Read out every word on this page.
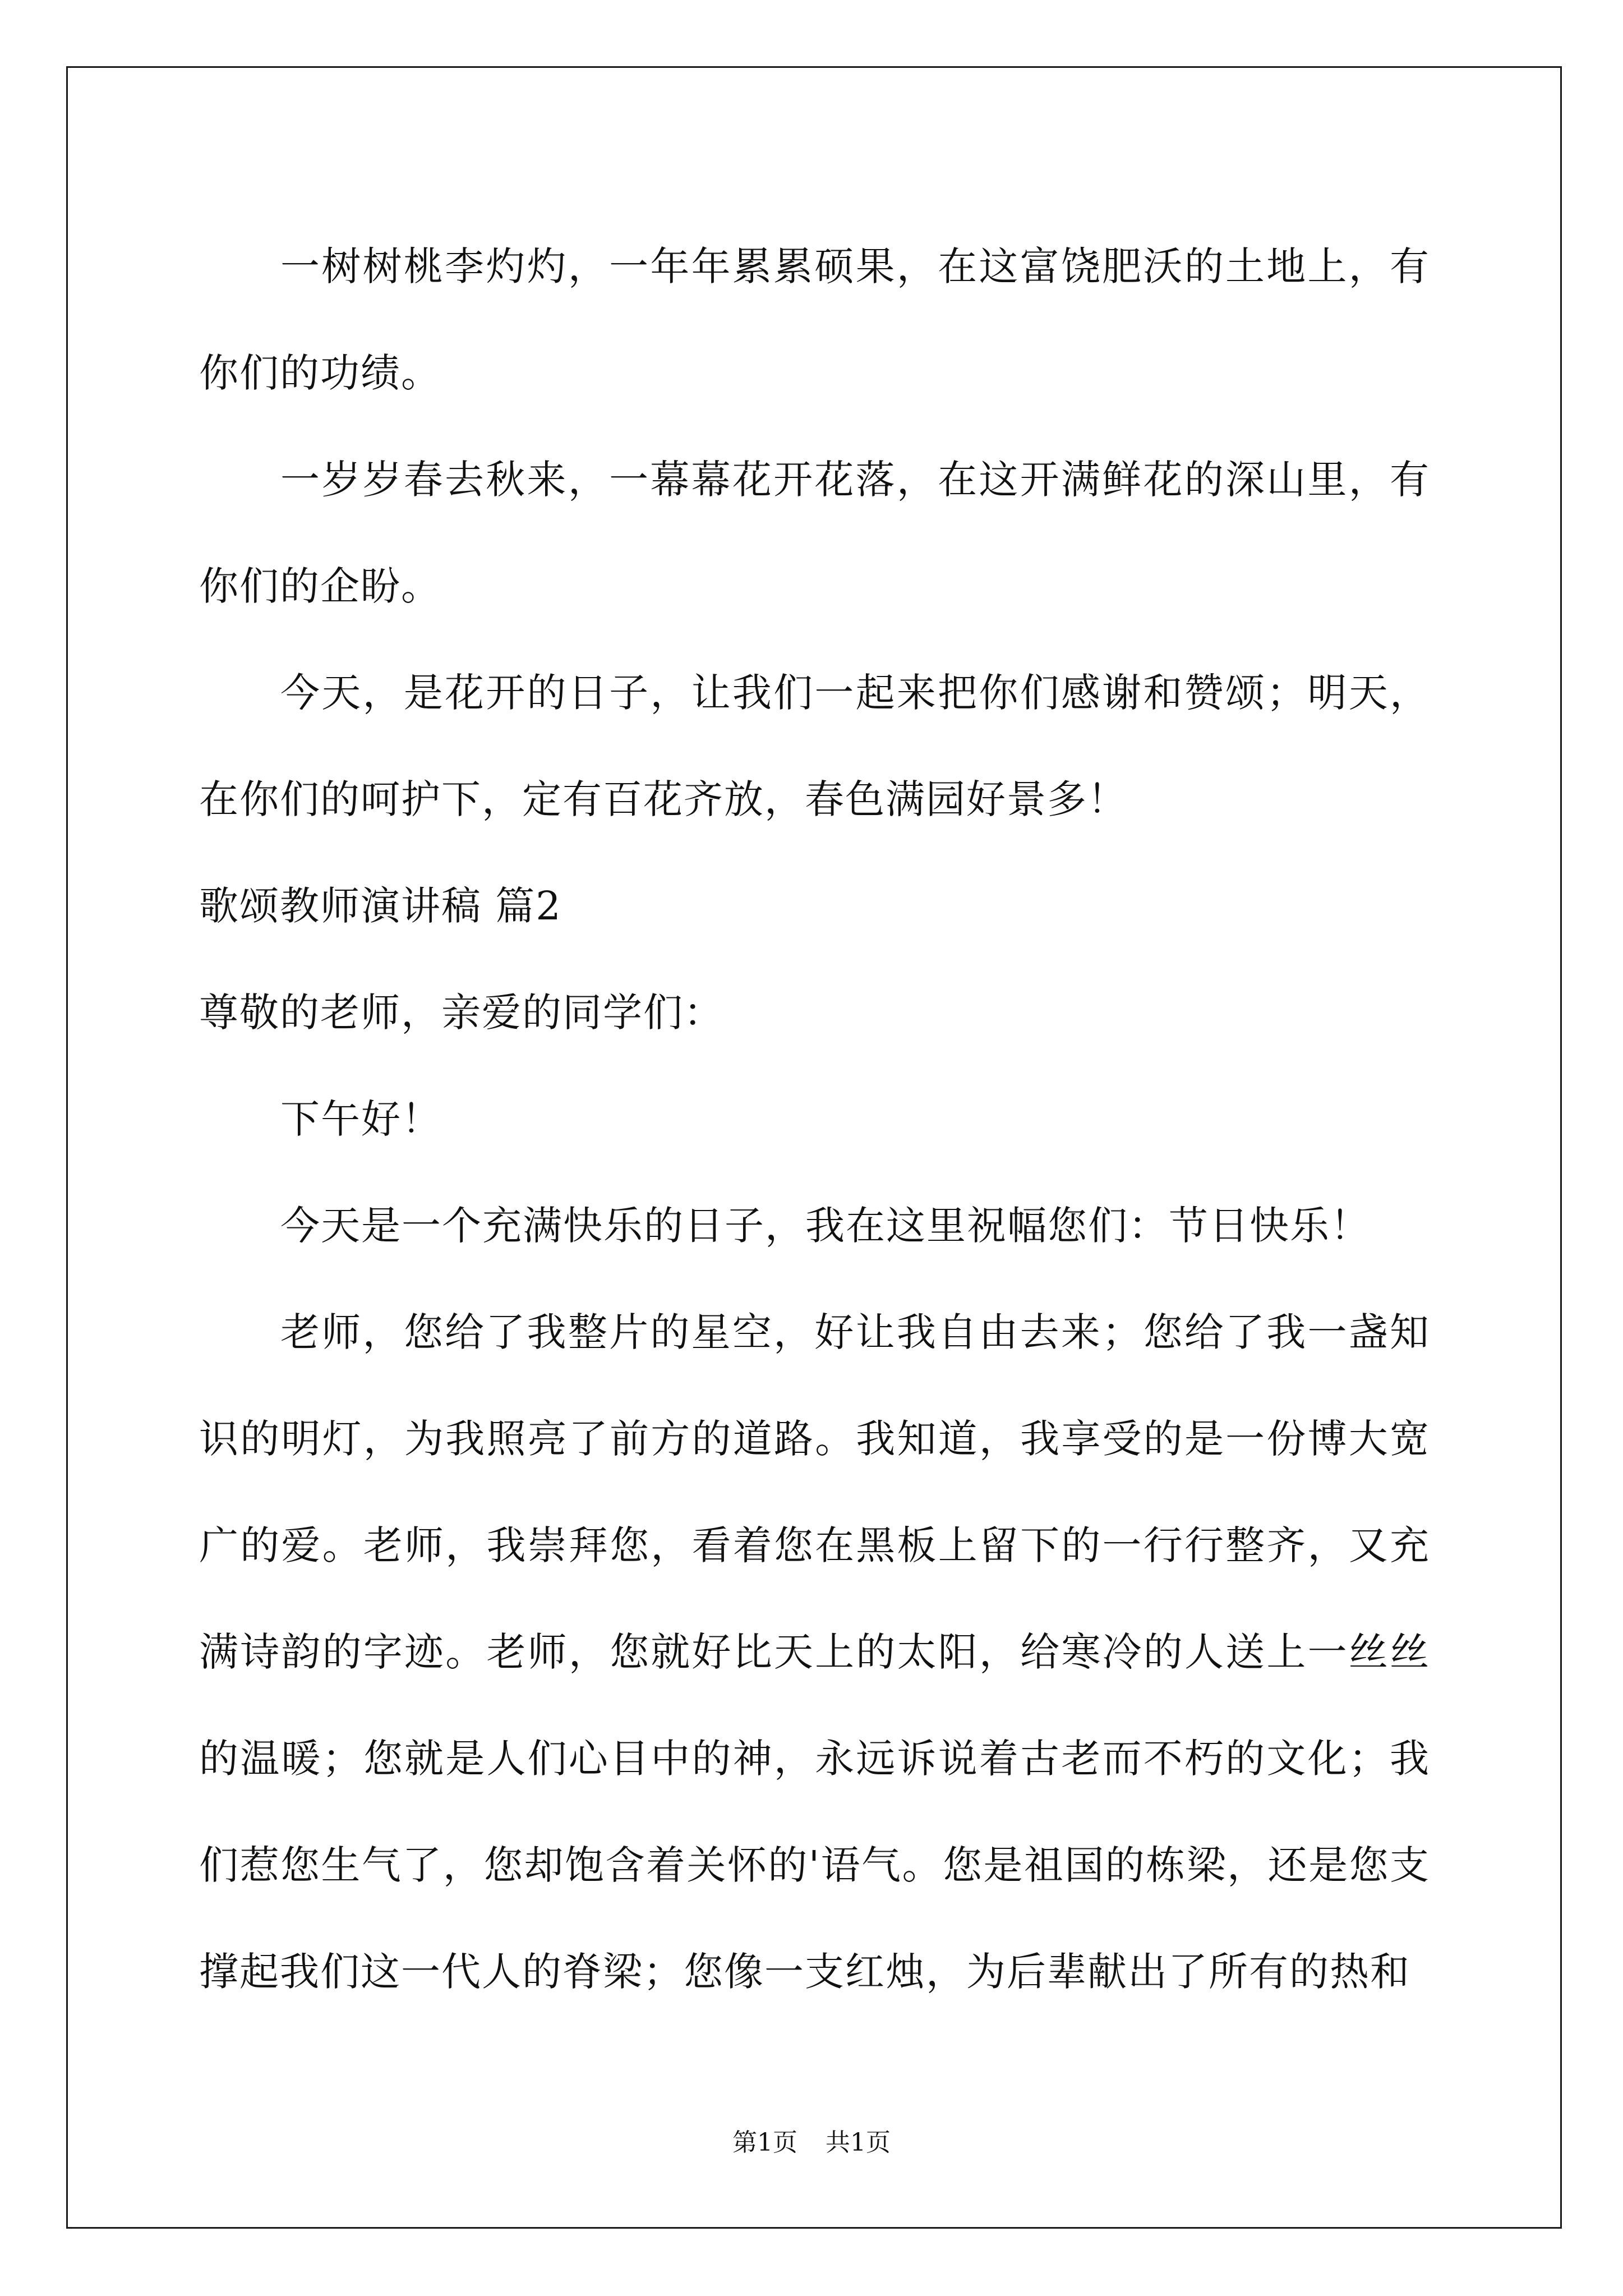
一树树桃李灼灼，一年年累累硕果，在这富饶肥沃的土地上，有你们的功绩。

一岁岁春去秋来，一幕幕花开花落，在这开满鲜花的深山里，有你们的企盼。

今天，是花开的日子，让我们一起来把你们感谢和赞颂；明天，在你们的呵护下，定有百花齐放，春色满园好景多！

歌颂教师演讲稿 篇2

尊敬的老师，亲爱的同学们：

下午好！

今天是一个充满快乐的日子，我在这里祝幅您们：节日快乐！

老师，您给了我整片的星空，好让我自由去来；您给了我一盏知识的明灯，为我照亮了前方的道路。我知道，我享受的是一份博大宽广的爱。老师，我崇拜您，看着您在黑板上留下的一行行整齐，又充满诗韵的字迹。老师，您就好比天上的太阳，给寒冷的人送上一丝丝的温暖；您就是人们心目中的神，永远诉说着古老而不朽的文化；我们惹您生气了，您却饱含着关怀的'语气。您是祖国的栋梁，还是您支撑起我们这一代人的脊梁；您像一支红烛，为后辈献出了所有的热和

第1页 共1页
